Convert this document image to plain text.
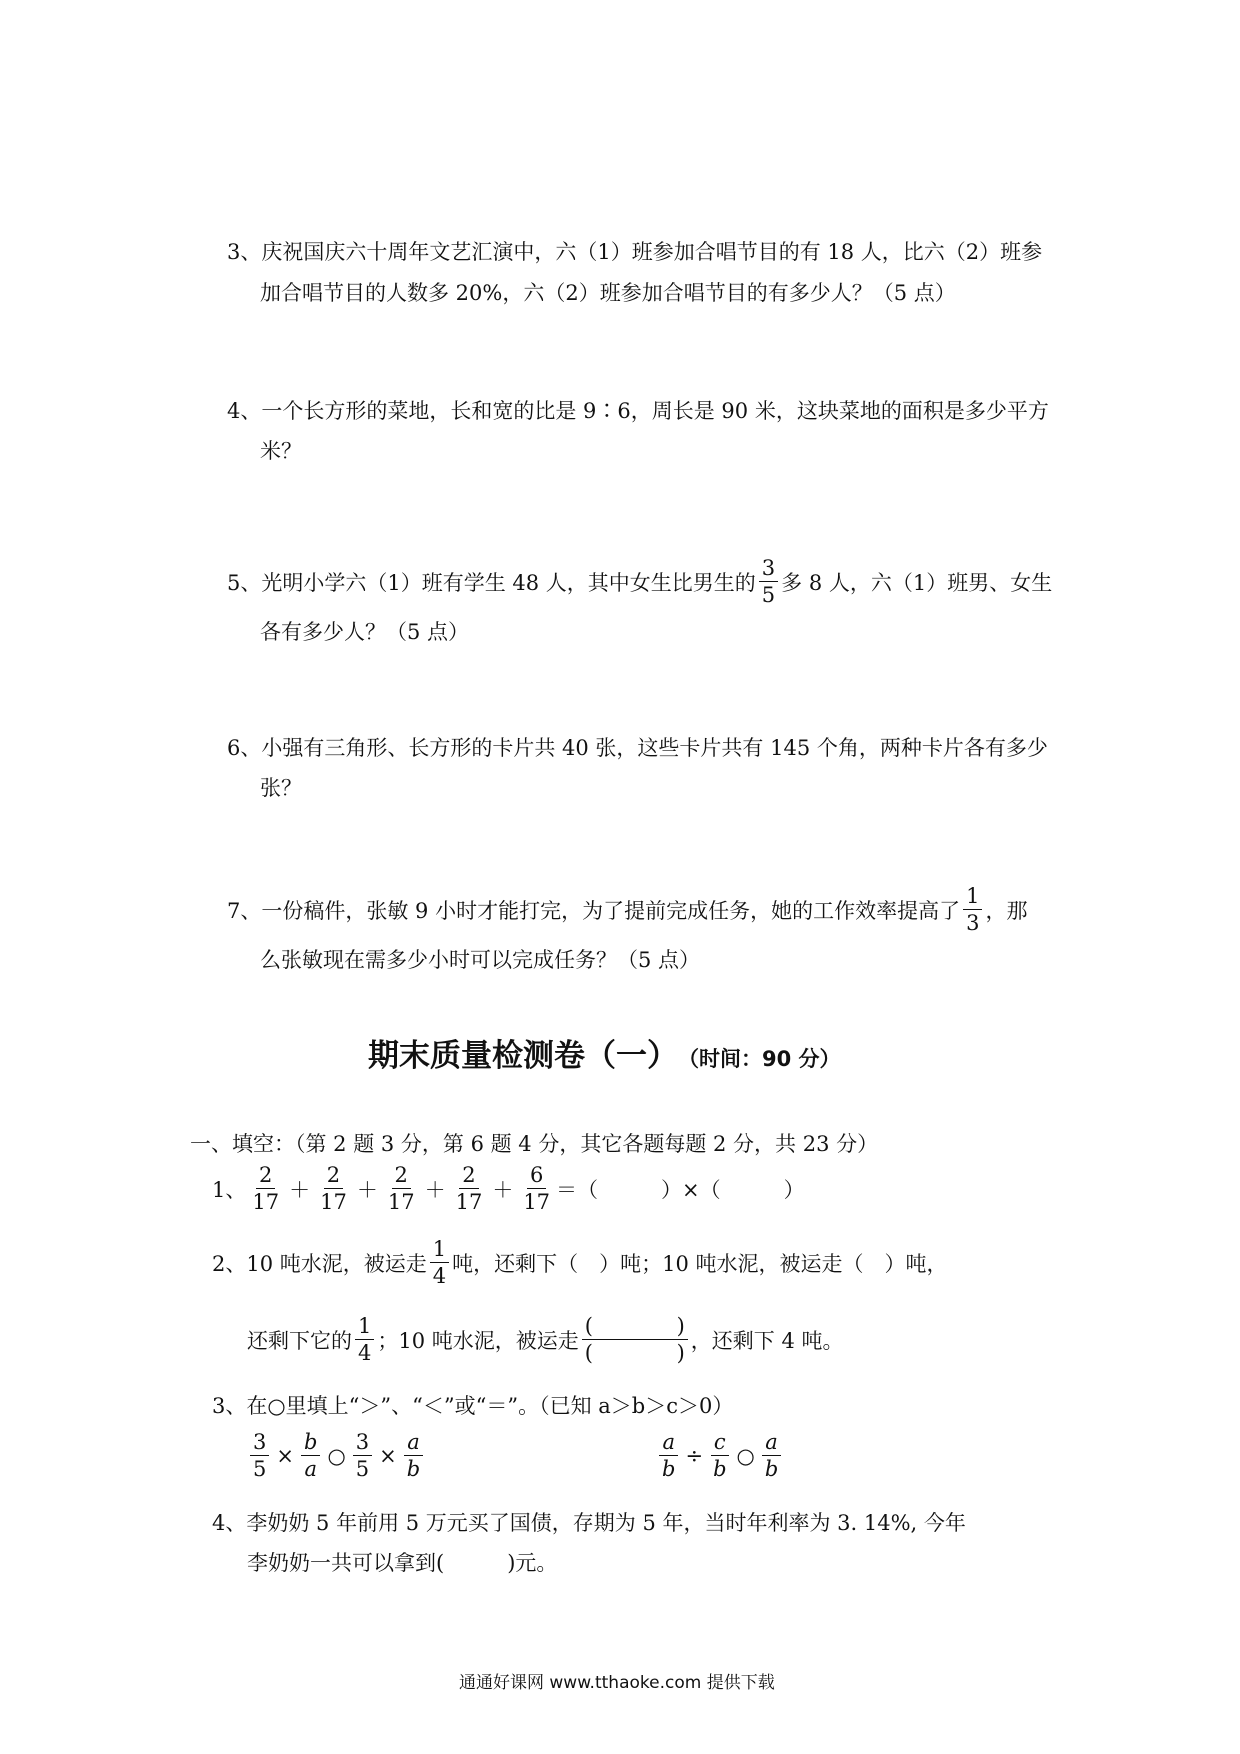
3、庆祝国庆六十周年文艺汇演中，六（1）班参加合唱节目的有 18 人，比六（2）班参
加合唱节目的人数多 20%，六（2）班参加合唱节目的有多少人？（5 点）
4、一个长方形的菜地，长和宽的比是 9∶6，周长是 90 米，这块菜地的面积是多少平方
米？
5、光明小学六（1）班有学生 48 人，其中女生比男生的 $\frac{3}{5}$ 多 8 人，六（1）班男、女生
各有多少人？（5 点）
6、小强有三角形、长方形的卡片共 40 张，这些卡片共有 145 个角，两种卡片各有多少
张？
7、一份稿件，张敏 9 小时才能打完，为了提前完成任务，她的工作效率提高了 $\frac{1}{3}$ ，那
么张敏现在需多少小时可以完成任务？（5 点）
期末质量检测卷（一） （时间：90 分）
一、填空：（第 2 题 3 分，第 6 题 4 分，其它各题每题 2 分，共 23 分）
1、 $\frac{2}{17} + \frac{2}{17} + \frac{2}{17} + \frac{2}{17} + \frac{6}{17}$ ＝（　　　）×（　　　）
2、10 吨水泥，被运走 $\frac{1}{4}$ 吨，还剩下（　）吨；10 吨水泥，被运走（　）吨，
还剩下它的 $\frac{1}{4}$ ；10 吨水泥，被运走 (	)
(	) ，还剩下 4 吨。
3、在○里填上“＞”、“＜”或“＝”。（已知 a＞b＞c＞0）
$\frac{3}{5} \times \frac{b}{a}$ ○ $\frac{3}{5} \times \frac{a}{b}$	$\frac{a}{b} \div \frac{c}{b}$ ○ $\frac{a}{b}$
4、李奶奶 5 年前用 5 万元买了国债，存期为 5 年，当时年利率为 3. 14%, 今年
李奶奶一共可以拿到(　　　)元。
通通好课网 www.tthaoke.com 提供下载
